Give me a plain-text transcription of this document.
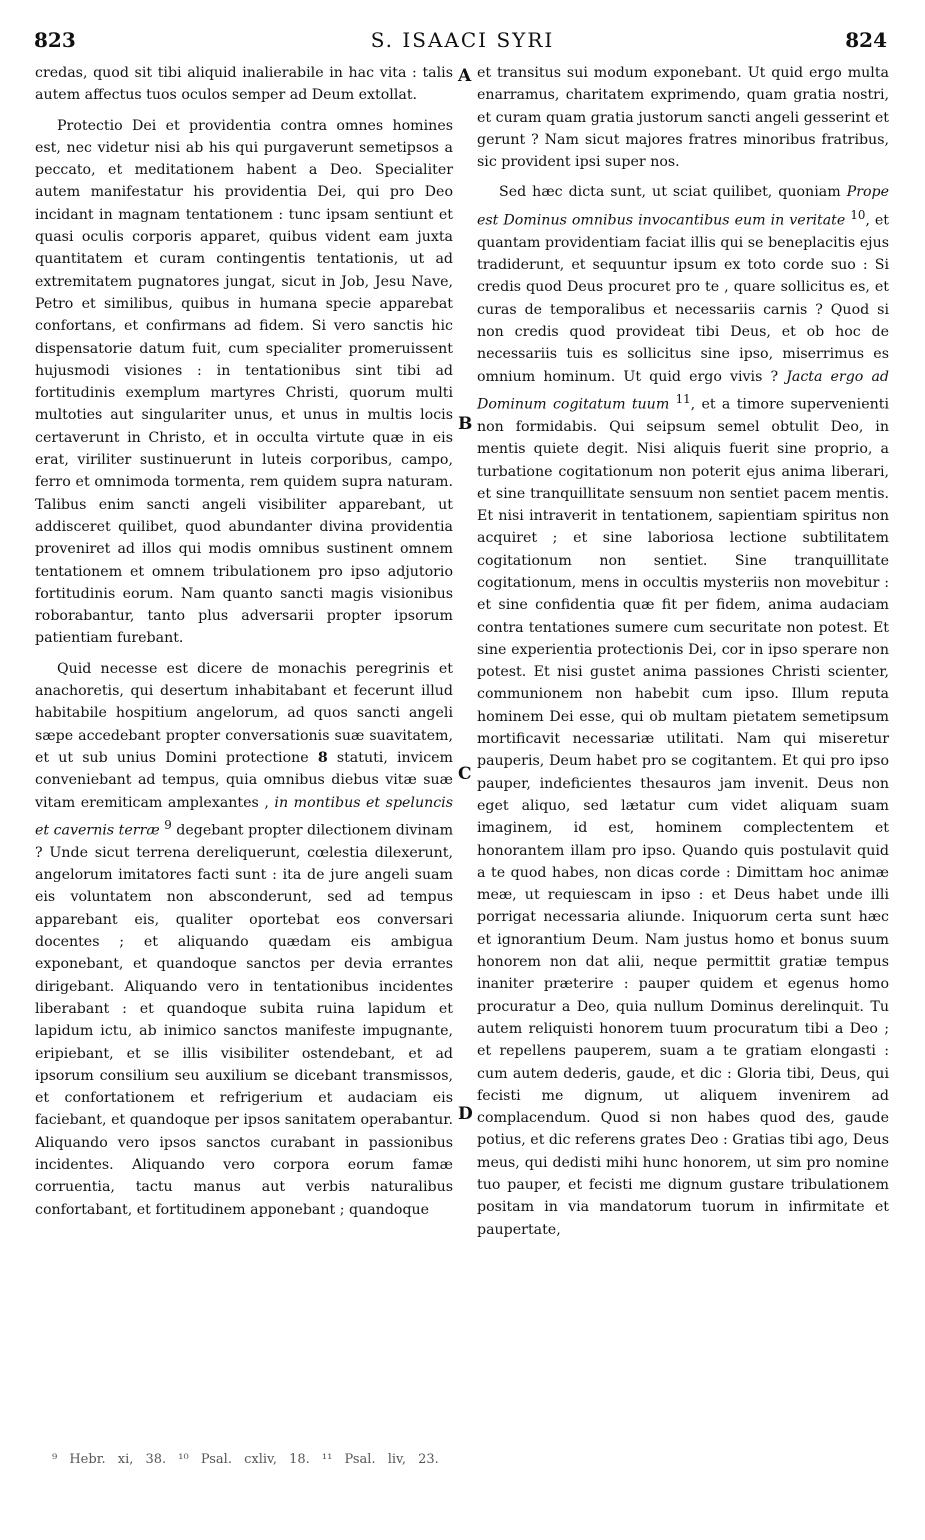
823	S. ISAACI SYRI	824
A
B
C
D

credas, quod sit tibi aliquid inalierabile in hac vita : talis autem affectus tuos oculos semper ad Deum extollat.

Protectio Dei et providentia contra omnes homines est, nec videtur nisi ab his qui purgaverunt semetipsos a peccato, et meditationem habent a Deo. Specialiter autem manifestatur his providentia Dei, qui pro Deo incidant in magnam tentationem : tunc ipsam sentiunt et quasi oculis corporis apparet, quibus vident eam juxta quantitatem et curam contingentis tentationis, ut ad extremitatem pugnatores jungat, sicut in Job, Jesu Nave, Petro et similibus, quibus in humana specie apparebat confortans, et confirmans ad fidem. Si vero sanctis hic dispensatorie datum fuit, cum specialiter promeruissent hujusmodi visiones : in tentationibus sint tibi ad fortitudinis exemplum martyres Christi, quorum multi multoties aut singulariter unus, et unus in multis locis certaverunt in Christo, et in occulta virtute quæ in eis erat, viriliter sustinuerunt in luteis corporibus, campo, ferro et omnimoda tormenta, rem quidem supra naturam. Talibus enim sancti angeli visibiliter apparebant, ut addisceret quilibet, quod abundanter divina providentia proveniret ad illos qui modis omnibus sustinent omnem tentationem et omnem tribulationem pro ipso adjutorio fortitudinis eorum. Nam quanto sancti magis visionibus roborabantur, tanto plus adversarii propter ipsorum patientiam furebant.

Quid necesse est dicere de monachis peregrinis et anachoretis, qui desertum inhabitabant et fecerunt illud habitabile hospitium angelorum, ad quos sancti angeli sæpe accedebant propter conversationis suæ suavitatem, et ut sub unius Domini protectione 8 statuti, invicem conveniebant ad tempus, quia omnibus diebus vitæ suæ vitam eremiticam amplexantes , in montibus et speluncis et cavernis terræ $^9$ degebant propter dilectionem divinam ? Unde sicut terrena dereliquerunt, cœlestia dilexerunt, angelorum imitatores facti sunt : ita de jure angeli suam eis voluntatem non absconderunt, sed ad tempus apparebant eis, qualiter oportebat eos conversari docentes ; et aliquando quædam eis ambigua exponebant, et quandoque sanctos per devia errantes dirigebant. Aliquando vero in tentationibus incidentes liberabant : et quandoque subita ruina lapidum et lapidum ictu, ab inimico sanctos manifeste impugnante, eripiebant, et se illis visibiliter ostendebant, et ad ipsorum consilium seu auxilium se dicebant transmissos, et confortationem et refrigerium et audaciam eis faciebant, et quandoque per ipsos sanitatem operabantur. Aliquando vero ipsos sanctos curabant in passionibus incidentes. Aliquando vero corpora eorum famæ corruentia, tactu manus aut verbis naturalibus confortabant, et fortitudinem apponebant ; quandoque

et transitus sui modum exponebant. Ut quid ergo multa enarramus, charitatem exprimendo, quam gratia nostri, et curam quam gratia justorum sancti angeli gesserint et gerunt ? Nam sicut majores fratres minoribus fratribus, sic provident ipsi super nos.

Sed hæc dicta sunt, ut sciat quilibet, quoniam Prope est Dominus omnibus invocantibus eum in veritate $^{10}$, et quantam providentiam faciat illis qui se beneplacitis ejus tradiderunt, et sequuntur ipsum ex toto corde suo : Si credis quod Deus procuret pro te , quare sollicitus es, et curas de temporalibus et necessariis carnis ? Quod si non credis quod provideat tibi Deus, et ob hoc de necessariis tuis es sollicitus sine ipso, miserrimus es omnium hominum. Ut quid ergo vivis ? Jacta ergo ad Dominum cogitatum tuum $^{11}$, et a timore supervenienti non formidabis. Qui seipsum semel obtulit Deo, in mentis quiete degit. Nisi aliquis fuerit sine proprio, a turbatione cogitationum non poterit ejus anima liberari, et sine tranquillitate sensuum non sentiet pacem mentis. Et nisi intraverit in tentationem, sapientiam spiritus non acquiret ; et sine laboriosa lectione subtilitatem cogitationum non sentiet. Sine tranquillitate cogitationum, mens in occultis mysteriis non movebitur : et sine confidentia quæ fit per fidem, anima audaciam contra tentationes sumere cum securitate non potest. Et sine experientia protectionis Dei, cor in ipso sperare non potest. Et nisi gustet anima passiones Christi scienter, communionem non habebit cum ipso. Illum reputa hominem Dei esse, qui ob multam pietatem semetipsum mortificavit necessariæ utilitati. Nam qui miseretur pauperis, Deum habet pro se cogitantem. Et qui pro ipso pauper, indeficientes thesauros jam invenit. Deus non eget aliquo, sed lætatur cum videt aliquam suam imaginem, id est, hominem complectentem et honorantem illam pro ipso. Quando quis postulavit quid a te quod habes, non dicas corde : Dimittam hoc animæ meæ, ut requiescam in ipso : et Deus habet unde illi porrigat necessaria aliunde. Iniquorum certa sunt hæc et ignorantium Deum. Nam justus homo et bonus suum honorem non dat alii, neque permittit gratiæ tempus inaniter præterire : pauper quidem et egenus homo procuratur a Deo, quia nullum Dominus derelinquit. Tu autem reliquisti honorem tuum procuratum tibi a Deo ; et repellens pauperem, suam a te gratiam elongasti : cum autem dederis, gaude, et dic : Gloria tibi, Deus, qui fecisti me dignum, ut aliquem invenirem ad complacendum. Quod si non habes quod des, gaude potius, et dic referens grates Deo : Gratias tibi ago, Deus meus, qui dedisti mihi hunc honorem, ut sim pro nomine tuo pauper, et fecisti me dignum gustare tribulationem positam in via mandatorum tuorum in infirmitate et paupertate,

⁹ Hebr. xi, 38. ¹⁰ Psal. cxliv, 18. ¹¹ Psal. liv, 23.
